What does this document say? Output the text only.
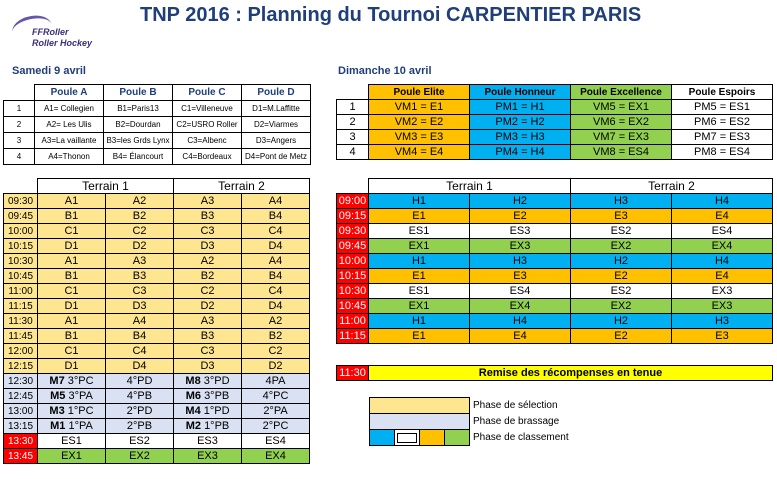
FFRoller
Roller Hockey
TNP 2016 : Planning du Tournoi CARPENTIER PARIS
Samedi 9 avril	Dimanche 10 avril
	Poule A	Poule B	Poule C	Poule D
1	A1= Collegien	B1=Paris13	C1=Villeneuve	D1=M.Laffitte
2	A2= Les Ulis	B2=Dourdan	C2=USRO Roller	D2=Viarmes
3	A3=La vaillante	B3=les Grds Lynx	C3=Albenc	D3=Angers
4	A4=Thonon	B4= Élancourt	C4=Bordeaux	D4=Pont de Metz
	Poule Elite	Poule Honneur	Poule Excellence	Poule Espoirs
1	VM1 = E1	PM1 = H1	VM5 = EX1	PM5 = ES1
2	VM2 = E2	PM2 = H2	VM6 = EX2	PM6 = ES2
3	VM3 = E3	PM3 = H3	VM7 = EX3	PM7 = ES3
4	VM4 = E4	PM4 = H4	VM8 = ES4	PM8 = ES4
	Terrain 1		Terrain 2	
09:30	A1	A2	A3	A4
09:45	B1	B2	B3	B4
10:00	C1	C2	C3	C4
10:15	D1	D2	D3	D4
10:30	A1	A3	A2	A4
10:45	B1	B3	B2	B4
11:00	C1	C3	C2	C4
11:15	D1	D3	D2	D4
11:30	A1	A4	A3	A2
11:45	B1	B4	B3	B2
12:00	C1	C4	C3	C2
12:15	D1	D4	D3	D2
12:30	M7 3°PC	4°PD	M8 3°PD	4PA
12:45	M5 3°PA	4°PB	M6 3°PB	4°PC
13:00	M3 1°PC	2°PD	M4 1°PD	2°PA
13:15	M1 1°PA	2°PB	M2 1°PB	2°PC
13:30	ES1	ES2	ES3	ES4
13:45	EX1	EX2	EX3	EX4
	Terrain 1		Terrain 2	
09:00	H1	H2	H3	H4
09:15	E1	E2	E3	E4
09:30	ES1	ES3	ES2	ES4
09:45	EX1	EX3	EX2	EX4
10:00	H1	H3	H2	H4
10:15	E1	E3	E2	E4
10:30	ES1	ES4	ES2	EX3
10:45	EX1	EX4	EX2	EX3
11:00	H1	H4	H2	H3
11:15	E1	E4	E2	E3
11:30	Remise des récompenses en tenue

Phase de sélection
Phase de brassage
Phase de classement
